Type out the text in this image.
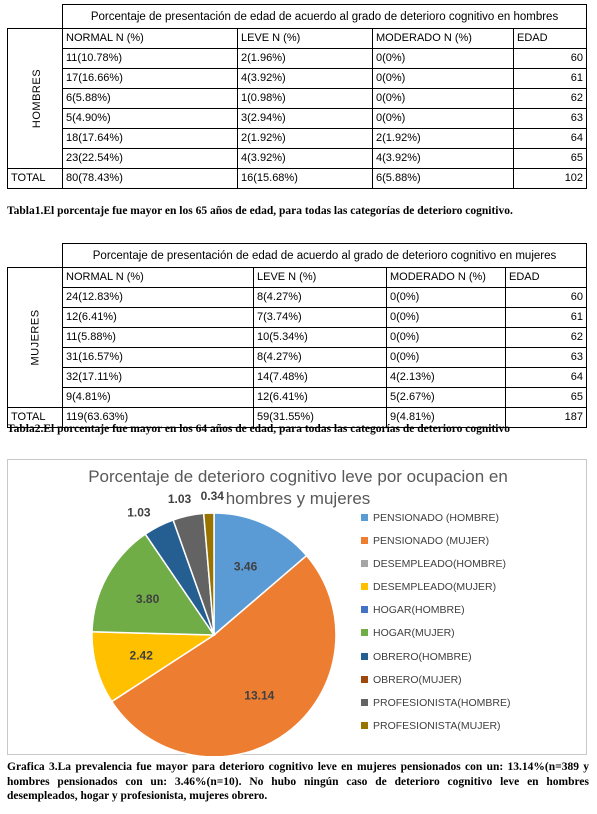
	Porcentaje de presentación de edad de acuerdo al grado de deterioro cognitivo en hombres			
HOMBRES	NORMAL N (%)	LEVE N (%)	MODERADO N (%)	EDAD
	11(10.78%)	2(1.96%)	0(0%)	60
	17(16.66%)	4(3.92%)	0(0%)	61
	6(5.88%)	1(0.98%)	0(0%)	62
	5(4.90%)	3(2.94%)	0(0%)	63
	18(17.64%)	2(1.92%)	2(1.92%)	64
	23(22.54%)	4(3.92%)	4(3.92%)	65
TOTAL	80(78.43%)	16(15.68%)	6(5.88%)	102
Tabla1.El porcentaje fue mayor en los 65 años de edad, para todas las categorías de deterioro cognitivo.
	Porcentaje de presentación de edad de acuerdo al grado de deterioro cognitivo en mujeres			
MUJERES	NORMAL N (%)	LEVE N (%)	MODERADO N (%)	EDAD
	24(12.83%)	8(4.27%)	0(0%)	60
	12(6.41%)	7(3.74%)	0(0%)	61
	11(5.88%)	10(5.34%)	0(0%)	62
	31(16.57%)	8(4.27%)	0(0%)	63
	32(17.11%)	14(7.48%)	4(2.13%)	64
	9(4.81%)	12(6.41%)	5(2.67%)	65
TOTAL	119(63.63%)	59(31.55%)	9(4.81%)	187
Tabla2.El porcentaje fue mayor en los 64 años de edad, para todas las categorías de deterioro cognitivo
Porcentaje de deterioro cognitivo leve por ocupacion en hombres y mujeres
3.46
13.14
2.42
3.80
1.03
1.03 0.34
PENSIONADO (HOMBRE)
PENSIONADO (MUJER)
DESEMPLEADO(HOMBRE)
DESEMPLEADO(MUJER)
HOGAR(HOMBRE)
HOGAR(MUJER)
OBRERO(HOMBRE)
OBRERO(MUJER)
PROFESIONISTA(HOMBRE)
PROFESIONISTA(MUJER)
Grafica 3.La prevalencia fue mayor para deterioro cognitivo leve en mujeres pensionados con un: 13.14%(n=389 y hombres pensionados con un: 3.46%(n=10). No hubo ningún caso de deterioro cognitivo leve en hombres desempleados, hogar y profesionista, mujeres obrero.
